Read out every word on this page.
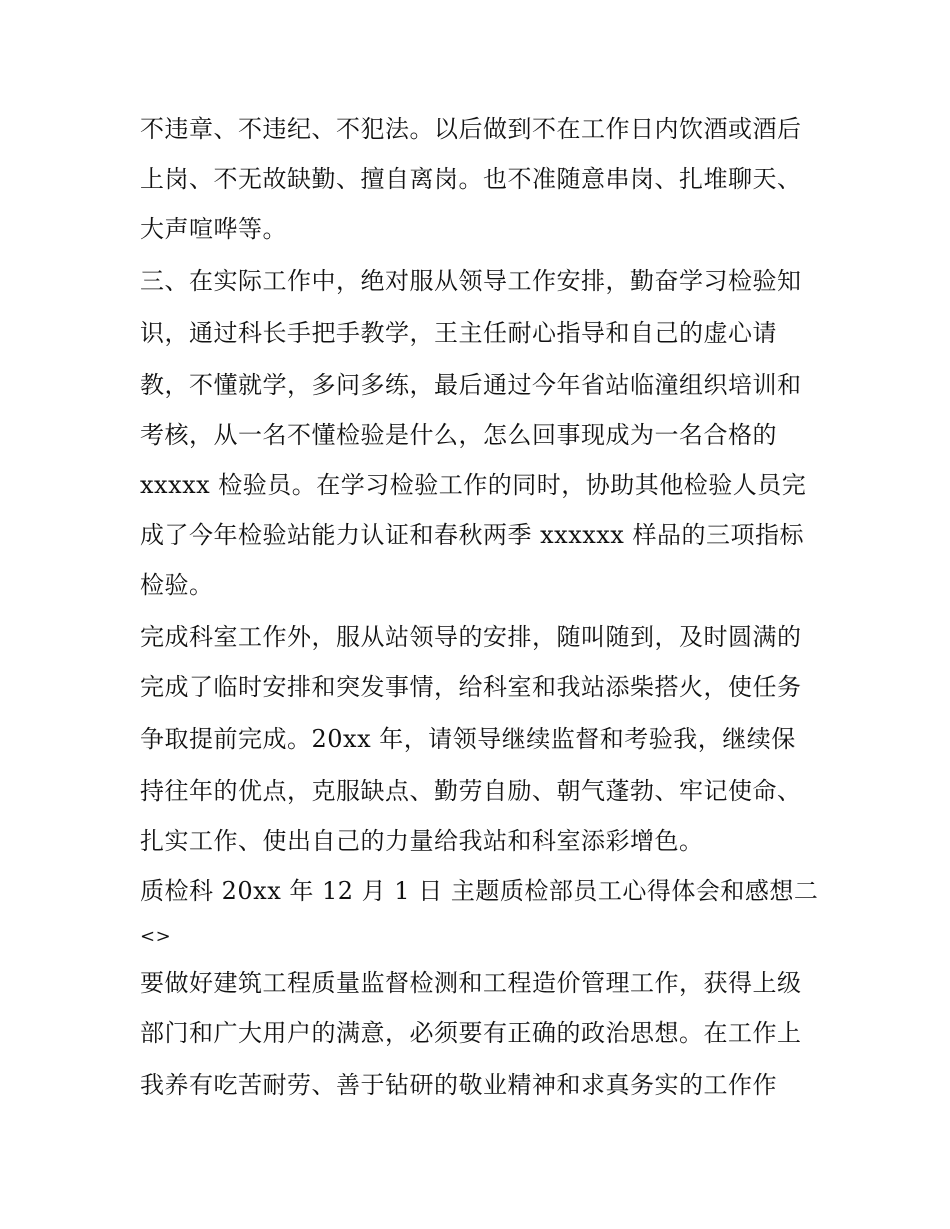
不违章、不违纪、不犯法。以后做到不在工作日内饮酒或酒后
上岗、不无故缺勤、擅自离岗。也不准随意串岗、扎堆聊天、
大声喧哗等。
三、在实际工作中，绝对服从领导工作安排，勤奋学习检验知
识，通过科长手把手教学，王主任耐心指导和自己的虚心请
教，不懂就学，多问多练，最后通过今年省站临潼组织培训和
考核，从一名不懂检验是什么，怎么回事现成为一名合格的
xxxxx 检验员。在学习检验工作的同时，协助其他检验人员完
成了今年检验站能力认证和春秋两季 xxxxxx 样品的三项指标
检验。
完成科室工作外，服从站领导的安排，随叫随到，及时圆满的
完成了临时安排和突发事情，给科室和我站添柴搭火，使任务
争取提前完成。20xx 年，请领导继续监督和考验我，继续保
持往年的优点，克服缺点、勤劳自励、朝气蓬勃、牢记使命、
扎实工作、使出自己的力量给我站和科室添彩增色。
质检科 20xx 年 12 月 1 日 主题质检部员工心得体会和感想二
<>
要做好建筑工程质量监督检测和工程造价管理工作，获得上级
部门和广大用户的满意，必须要有正确的政治思想。在工作上
我养有吃苦耐劳、善于钻研的敬业精神和求真务实的工作作
